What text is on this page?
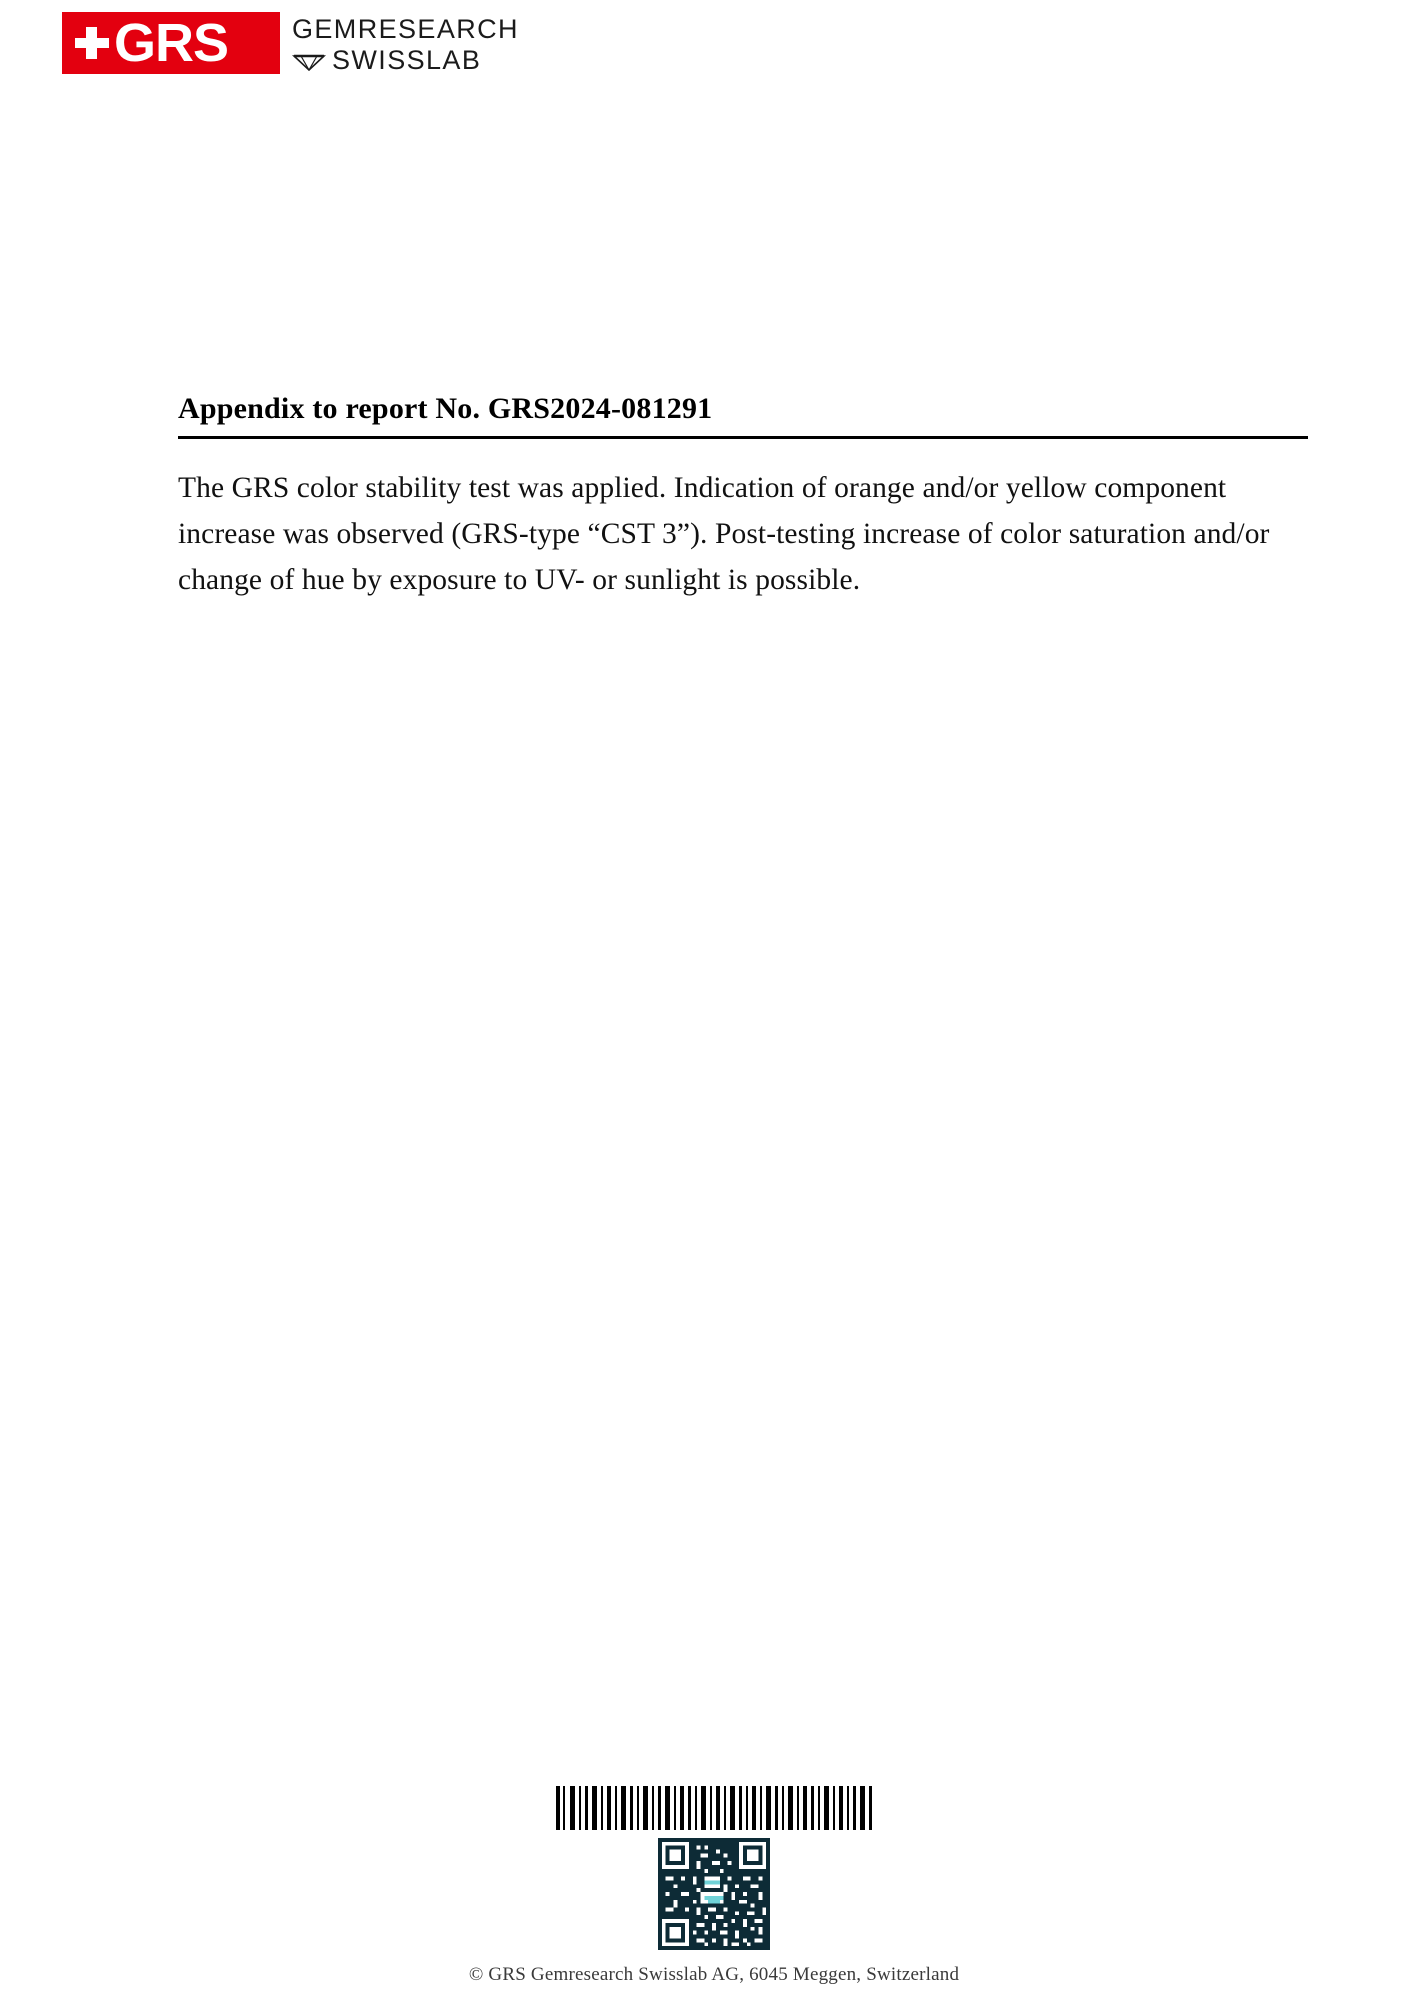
GRS GEMRESEARCH
SWISSLAB
Appendix to report No. GRS2024-081291

The GRS color stability test was applied. Indication of orange and/or yellow component increase was observed (GRS-type “CST 3”). Post-testing increase of color saturation and/or change of hue by exposure to UV- or sunlight is possible.

© GRS Gemresearch Swisslab AG, 6045 Meggen, Switzerland
